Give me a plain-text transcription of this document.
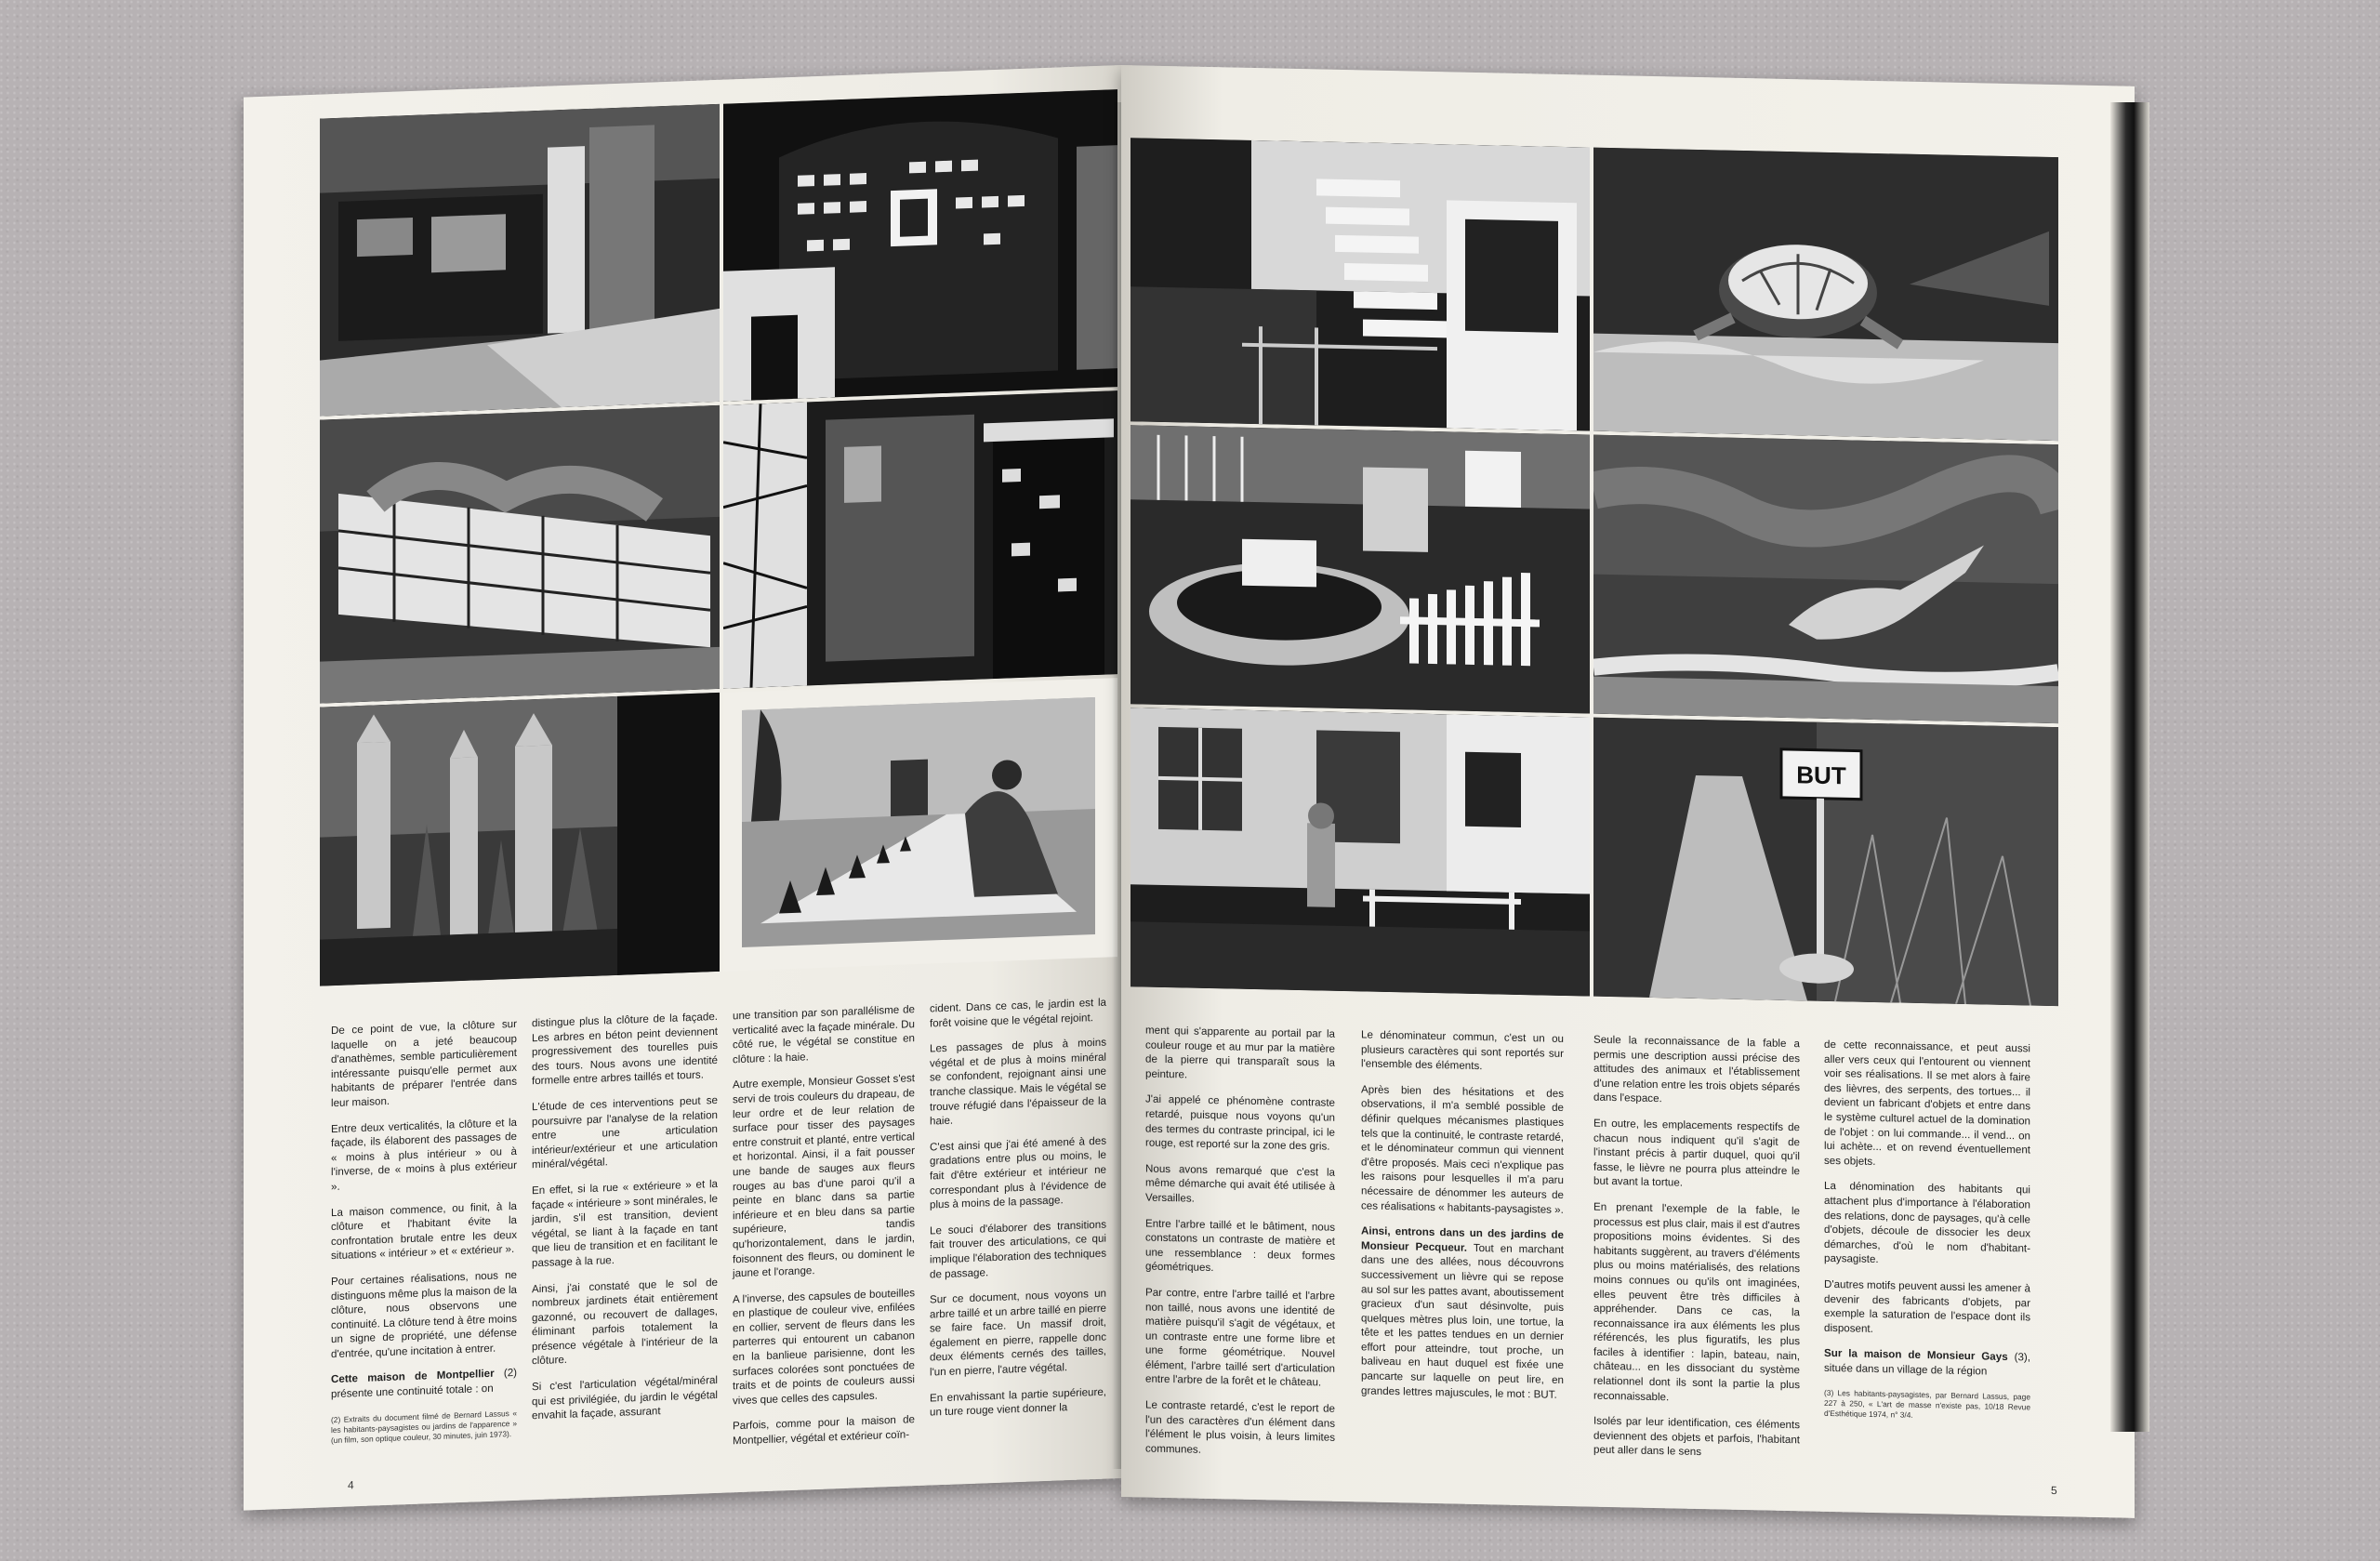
De ce point de vue, la clôture sur laquelle on a jeté beaucoup d'anathèmes, semble particulièrement intéressante puisqu'elle permet aux habitants de préparer l'entrée dans leur maison.

Entre deux verticalités, la clôture et la façade, ils élaborent des passages de « moins à plus intérieur » ou à l'inverse, de « moins à plus extérieur ».

La maison commence, ou finit, à la clôture et l'habitant évite la confrontation brutale entre les deux situations « intérieur » et « extérieur ».

Pour certaines réalisations, nous ne distinguons même plus la maison de la clôture, nous observons une continuité. La clôture tend à être moins un signe de propriété, une défense d'entrée, qu'une incitation à entrer.

Cette maison de Montpellier (2) présente une continuité totale : on

(2) Extraits du document filmé de Bernard Lassus « les habitants-paysagistes ou jardins de l'apparence » (un film, son optique couleur, 30 minutes, juin 1973).

distingue plus la clôture de la façade. Les arbres en béton peint deviennent progressivement des tourelles puis des tours. Nous avons une identité formelle entre arbres taillés et tours.

L'étude de ces interventions peut se poursuivre par l'analyse de la relation entre une articulation intérieur/extérieur et une articulation minéral/végétal.

En effet, si la rue « extérieure » et la façade « intérieure » sont minérales, le jardin, s'il est transition, devient végétal, se liant à la façade en tant que lieu de transition et en facilitant le passage à la rue.

Ainsi, j'ai constaté que le sol de nombreux jardinets était entièrement gazonné, ou recouvert de dallages, éliminant parfois totalement la présence végétale à l'intérieur de la clôture.

Si c'est l'articulation végétal/minéral qui est privilégiée, du jardin le végétal envahit la façade, assurant

une transition par son parallélisme de verticalité avec la façade minérale. Du côté rue, le végétal se constitue en clôture : la haie.

Autre exemple, Monsieur Gosset s'est servi de trois couleurs du drapeau, de leur ordre et de leur relation de surface pour tisser des paysages entre construit et planté, entre vertical et horizontal. Ainsi, il a fait pousser une bande de sauges aux fleurs rouges au bas d'une paroi qu'il a peinte en blanc dans sa partie inférieure et en bleu dans sa partie supérieure, tandis qu'horizontalement, dans le jardin, foisonnent des fleurs, ou dominent le jaune et l'orange.

A l'inverse, des capsules de bouteilles en plastique de couleur vive, enfilées en collier, servent de fleurs dans les parterres qui entourent un cabanon en la banlieue parisienne, dont les surfaces colorées sont ponctuées de traits et de points de couleurs aussi vives que celles des capsules.

Parfois, comme pour la maison de Montpellier, végétal et extérieur coïn-

cident. Dans ce cas, le jardin est la forêt voisine que le végétal rejoint.

Les passages de plus à moins végétal et de plus à moins minéral se confondent, rejoignant ainsi une tranche classique. Mais le végétal se trouve réfugié dans l'épaisseur de la haie.

C'est ainsi que j'ai été amené à des gradations entre plus ou moins, le fait d'être extérieur et intérieur ne correspondant plus à l'évidence de plus à moins de la passage.

Le souci d'élaborer des transitions fait trouver des articulations, ce qui implique l'élaboration des techniques de passage.

Sur ce document, nous voyons un arbre taillé et un arbre taillé en pierre se faire face. Un massif droit, également en pierre, rappelle donc deux éléments cernés des tailles, l'un en pierre, l'autre végétal.

En envahissant la partie supérieure, un ture rouge vient donner la

4
BUT

ment qui s'apparente au portail par la couleur rouge et au mur par la matière de la pierre qui transparaît sous la peinture.

J'ai appelé ce phénomène contraste retardé, puisque nous voyons qu'un des termes du contraste principal, ici le rouge, est reporté sur la zone des gris.

Nous avons remarqué que c'est la même démarche qui avait été utilisée à Versailles.

Entre l'arbre taillé et le bâtiment, nous constatons un contraste de matière et une ressemblance : deux formes géométriques.

Par contre, entre l'arbre taillé et l'arbre non taillé, nous avons une identité de matière puisqu'il s'agit de végétaux, et un contraste entre une forme libre et une forme géométrique. Nouvel élément, l'arbre taillé sert d'articulation entre l'arbre de la forêt et le château.

Le contraste retardé, c'est le report de l'un des caractères d'un élément dans l'élément le plus voisin, à leurs limites communes.

Le dénominateur commun, c'est un ou plusieurs caractères qui sont reportés sur l'ensemble des éléments.

Après bien des hésitations et des observations, il m'a semblé possible de définir quelques mécanismes plastiques tels que la continuité, le contraste retardé, et le dénominateur commun qui viennent d'être proposés. Mais ceci n'explique pas les raisons pour lesquelles il m'a paru nécessaire de dénommer les auteurs de ces réalisations « habitants-paysagistes ».

Ainsi, entrons dans un des jardins de Monsieur Pecqueur. Tout en marchant dans une des allées, nous découvrons successivement un lièvre qui se repose au sol sur les pattes avant, aboutissement gracieux d'un saut désinvolte, puis quelques mètres plus loin, une tortue, la tête et les pattes tendues en un dernier effort pour atteindre, tout proche, un baliveau en haut duquel est fixée une pancarte sur laquelle on peut lire, en grandes lettres majuscules, le mot : BUT.

Seule la reconnaissance de la fable a permis une description aussi précise des attitudes des animaux et l'établissement d'une relation entre les trois objets séparés dans l'espace.

En outre, les emplacements respectifs de chacun nous indiquent qu'il s'agit de l'instant précis à partir duquel, quoi qu'il fasse, le lièvre ne pourra plus atteindre le but avant la tortue.

En prenant l'exemple de la fable, le processus est plus clair, mais il est d'autres propositions moins évidentes. Si des habitants suggèrent, au travers d'éléments plus ou moins matérialisés, des relations moins connues ou qu'ils ont imaginées, elles peuvent être très difficiles à appréhender. Dans ce cas, la reconnaissance ira aux éléments les plus référencés, les plus figuratifs, les plus faciles à identifier : lapin, bateau, nain, château... en les dissociant du système relationnel dont ils sont la partie la plus reconnaissable.

Isolés par leur identification, ces éléments deviennent des objets et parfois, l'habitant peut aller dans le sens

de cette reconnaissance, et peut aussi aller vers ceux qui l'entourent ou viennent voir ses réalisations. Il se met alors à faire des lièvres, des serpents, des tortues... il devient un fabricant d'objets et entre dans le système culturel actuel de la domination de l'objet : on lui commande... il vend... on lui achète... et on revend éventuellement ses objets.

La dénomination des habitants qui attachent plus d'importance à l'élaboration des relations, donc de paysages, qu'à celle d'objets, découle de dissocier les deux démarches, d'où le nom d'habitant-paysagiste.

D'autres motifs peuvent aussi les amener à devenir des fabricants d'objets, par exemple la saturation de l'espace dont ils disposent.

Sur la maison de Monsieur Gays (3), située dans un village de la région

(3) Les habitants-paysagistes, par Bernard Lassus, page 227 à 250, « L'art de masse n'existe pas, 10/18 Revue d'Esthétique 1974, n° 3/4.
5
